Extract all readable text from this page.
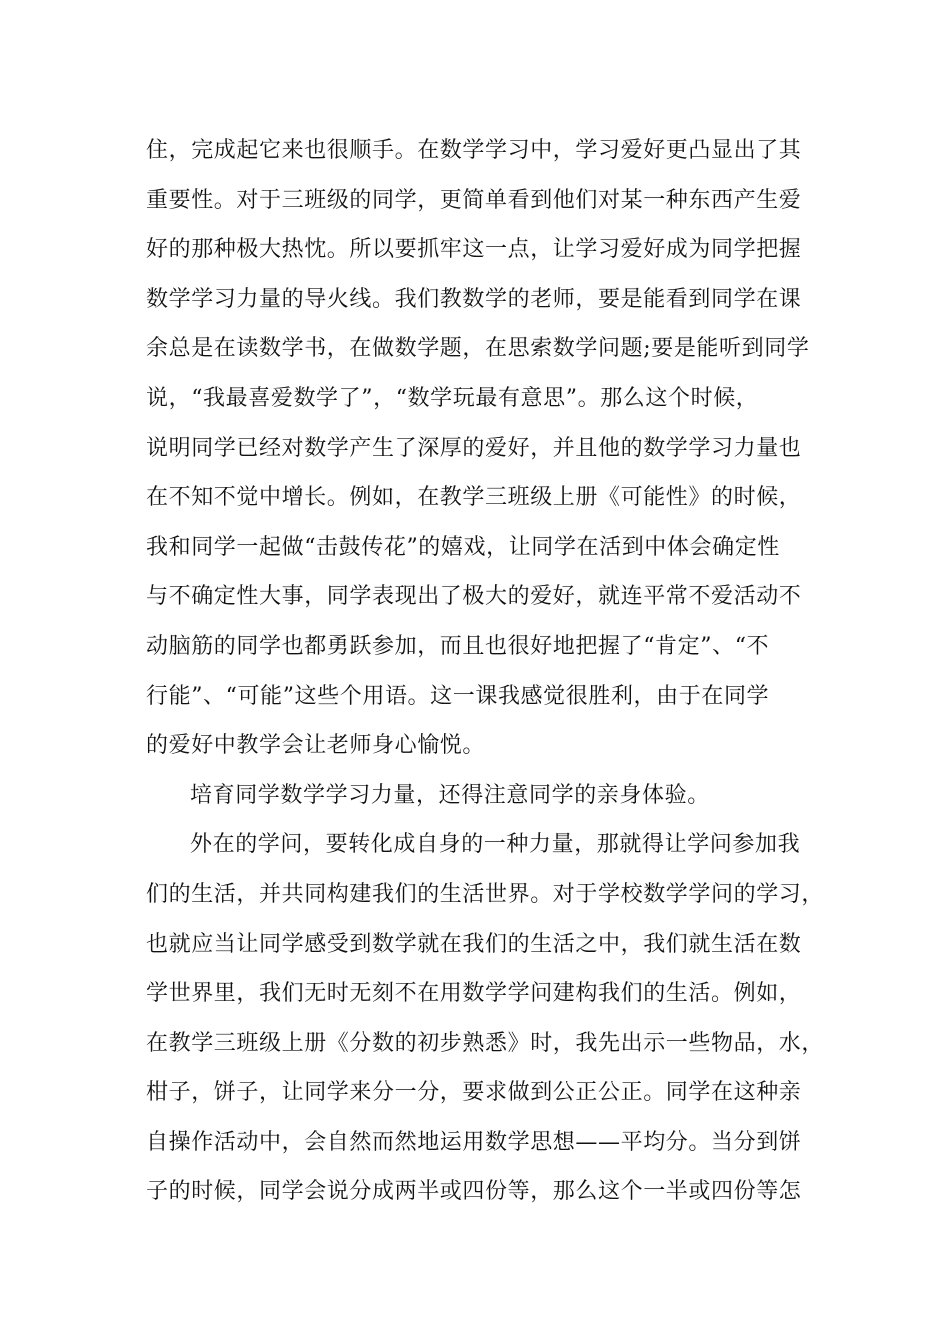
住，完成起它来也很顺手。在数学学习中，学习爱好更凸显出了其
重要性。对于三班级的同学，更简单看到他们对某一种东西产生爱
好的那种极大热忱。所以要抓牢这一点，让学习爱好成为同学把握
数学学习力量的导火线。我们教数学的老师，要是能看到同学在课
余总是在读数学书，在做数学题，在思索数学问题;要是能听到同学
说，“我最喜爱数学了”，“数学玩最有意思”。那么这个时候，
说明同学已经对数学产生了深厚的爱好，并且他的数学学习力量也
在不知不觉中增长。例如，在教学三班级上册《可能性》的时候，
我和同学一起做“击鼓传花”的嬉戏，让同学在活到中体会确定性
与不确定性大事，同学表现出了极大的爱好，就连平常不爱活动不
动脑筋的同学也都勇跃参加，而且也很好地把握了“肯定”、“不
行能”、“可能”这些个用语。这一课我感觉很胜利，由于在同学
的爱好中教学会让老师身心愉悦。
培育同学数学学习力量，还得注意同学的亲身体验。
外在的学问，要转化成自身的一种力量，那就得让学问参加我
们的生活，并共同构建我们的生活世界。对于学校数学学问的学习，
也就应当让同学感受到数学就在我们的生活之中，我们就生活在数
学世界里，我们无时无刻不在用数学学问建构我们的生活。例如，
在教学三班级上册《分数的初步熟悉》时，我先出示一些物品，水，
柑子，饼子，让同学来分一分，要求做到公正公正。同学在这种亲
自操作活动中，会自然而然地运用数学思想——平均分。当分到饼
子的时候，同学会说分成两半或四份等，那么这个一半或四份等怎
